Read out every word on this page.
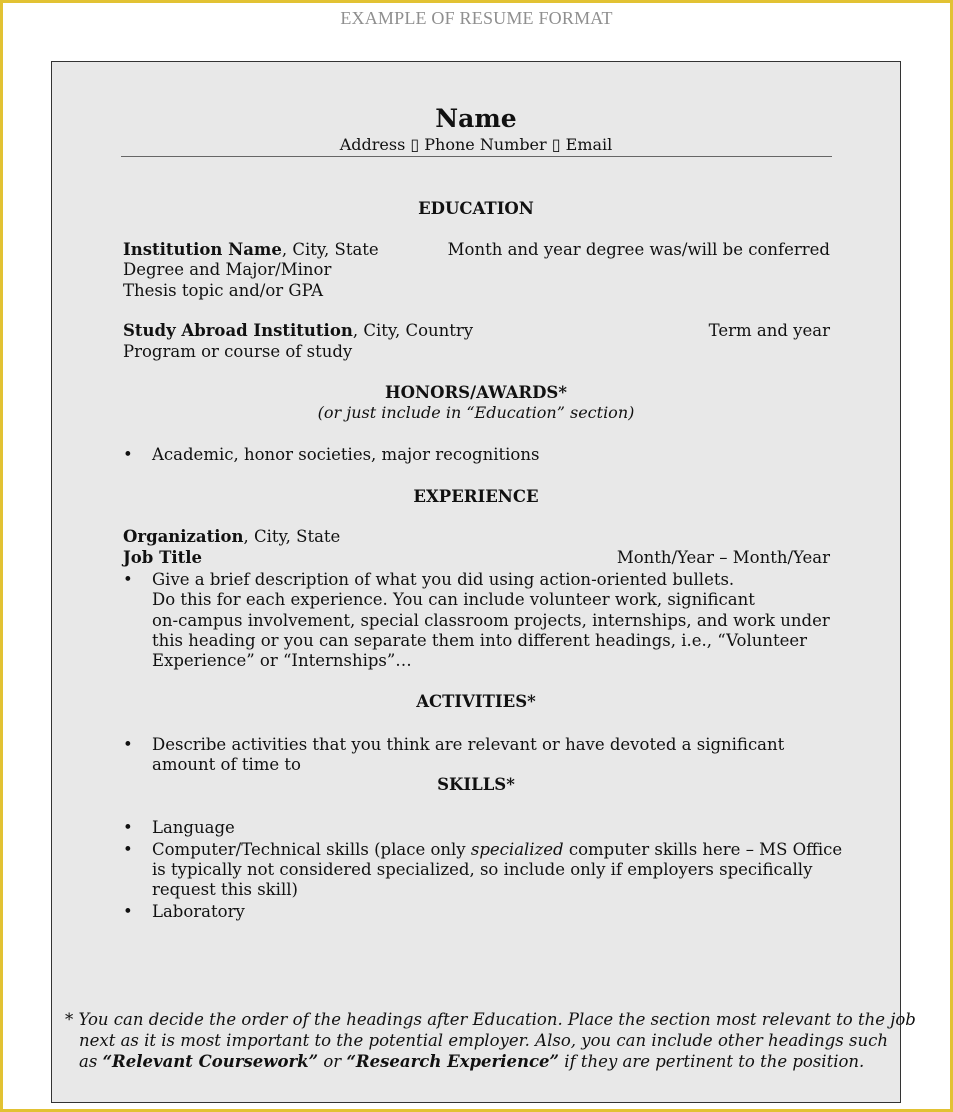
EXAMPLE OF RESUME FORMAT
Name
Address ▯ Phone Number ▯ Email
EDUCATION
Institution Name, City, State	Month and year degree was/will be conferred
Degree and Major/Minor
Thesis topic and/or GPA
Study Abroad Institution, City, Country	Term and year
Program or course of study
HONORS/AWARDS*
(or just include in “Education” section)
• Academic, honor societies, major recognitions
EXPERIENCE
Organization, City, State
Job Title	Month/Year – Month/Year
• Give a brief description of what you did using action-oriented bullets.
Do this for each experience. You can include volunteer work, significant
on-campus involvement, special classroom projects, internships, and work under
this heading or you can separate them into different headings, i.e., “Volunteer
Experience” or “Internships”…
ACTIVITIES*
• Describe activities that you think are relevant or have devoted a significant
amount of time to
SKILLS*
• Language
• Computer/Technical skills (place only specialized computer skills here – MS Office
is typically not considered specialized, so include only if employers specifically
request this skill)
• Laboratory
* You can decide the order of the headings after Education. Place the section most relevant to the job
next as it is most important to the potential employer. Also, you can include other headings such
as “Relevant Coursework” or “Research Experience” if they are pertinent to the position.
